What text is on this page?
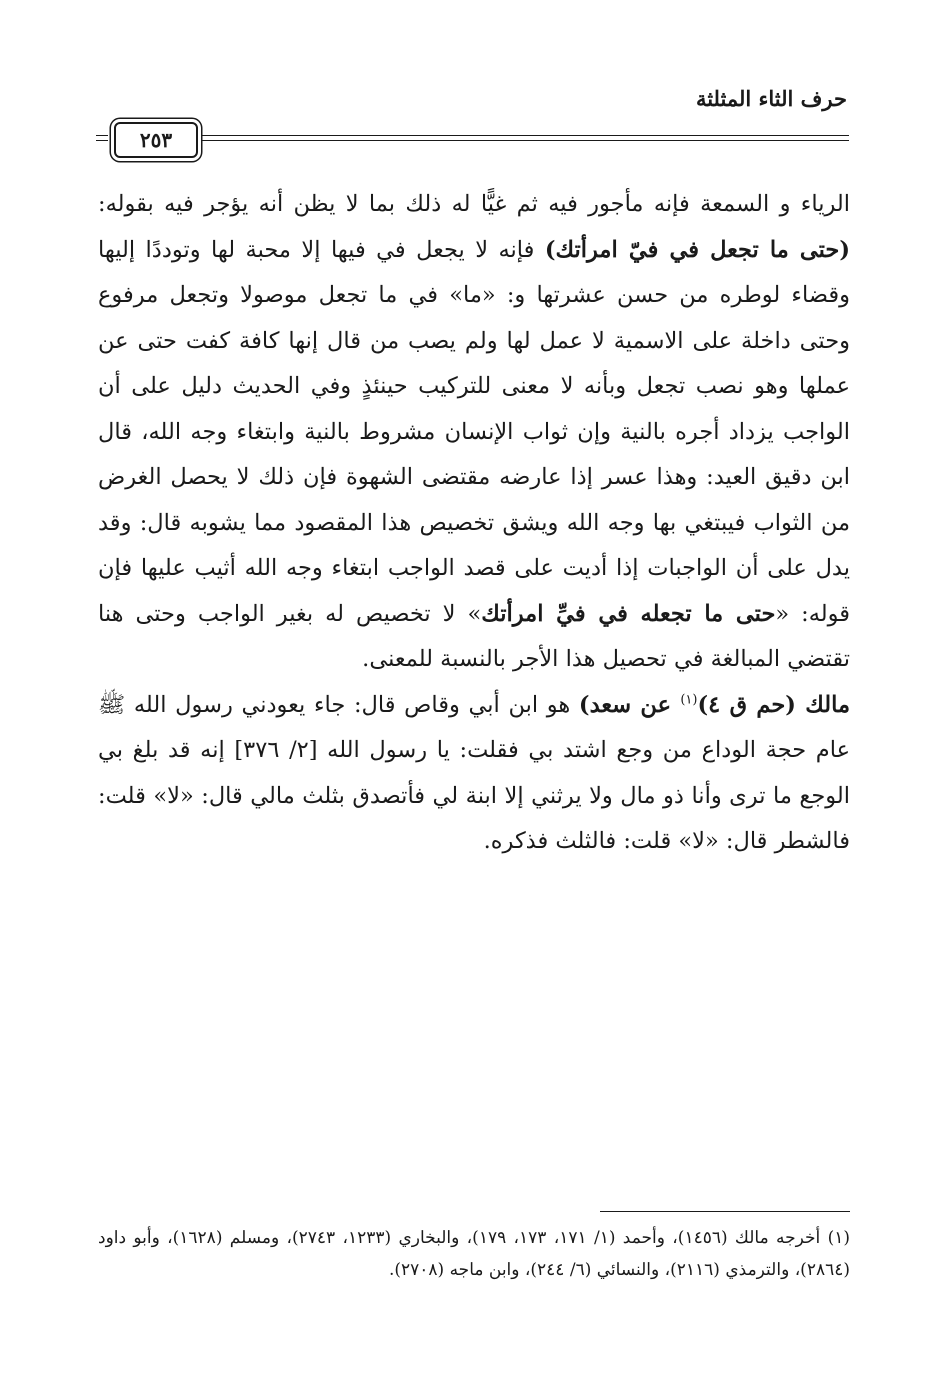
حرف الثاء المثلثة
٢٥٣

الرياء و السمعة فإنه مأجور فيه ثم غيًّا له ذلك بما لا يظن أنه يؤجر فيه بقوله: (حتى ما تجعل في فيّ امرأتك) فإنه لا يجعل في فيها إلا محبة لها وتوددًا إليها وقضاء لوطره من حسن عشرتها و: «ما» في ما تجعل موصولا وتجعل مرفوع وحتى داخلة على الاسمية لا عمل لها ولم يصب من قال إنها كافة كفت حتى عن عملها وهو نصب تجعل وبأنه لا معنى للتركيب حينئذٍ وفي الحديث دليل على أن الواجب يزداد أجره بالنية وإن ثواب الإنسان مشروط بالنية وابتغاء وجه الله، قال ابن دقيق العيد: وهذا عسر إذا عارضه مقتضى الشهوة فإن ذلك لا يحصل الغرض من الثواب فيبتغي بها وجه الله ويشق تخصيص هذا المقصود مما يشوبه قال: وقد يدل على أن الواجبات إذا أديت على قصد الواجب ابتغاء وجه الله أثيب عليها فإن قوله: «حتى ما تجعله في فيِّ امرأتك» لا تخصيص له بغير الواجب وحتى هنا تقتضي المبالغة في تحصيل هذا الأجر بالنسبة للمعنى.

مالك (حم ق ٤)$^{(١)}$ عن سعد) هو ابن أبي وقاص قال: جاء يعودني رسول الله ﷺ عام حجة الوداع من وجع اشتد بي فقلت: يا رسول الله [٢/ ٣٧٦] إنه قد بلغ بي الوجع ما ترى وأنا ذو مال ولا يرثني إلا ابنة لي فأتصدق بثلث مالي قال: «لا» قلت: فالشطر قال: «لا» قلت: فالثلث فذكره.

(١) أخرجه مالك (١٤٥٦)، وأحمد (١/ ١٧١، ١٧٣، ١٧٩)، والبخاري (١٢٣٣، ٢٧٤٣)، ومسلم (١٦٢٨)، وأبو داود (٢٨٦٤)، والترمذي (٢١١٦)، والنسائي (٦/ ٢٤٤)، وابن ماجه (٢٧٠٨).
